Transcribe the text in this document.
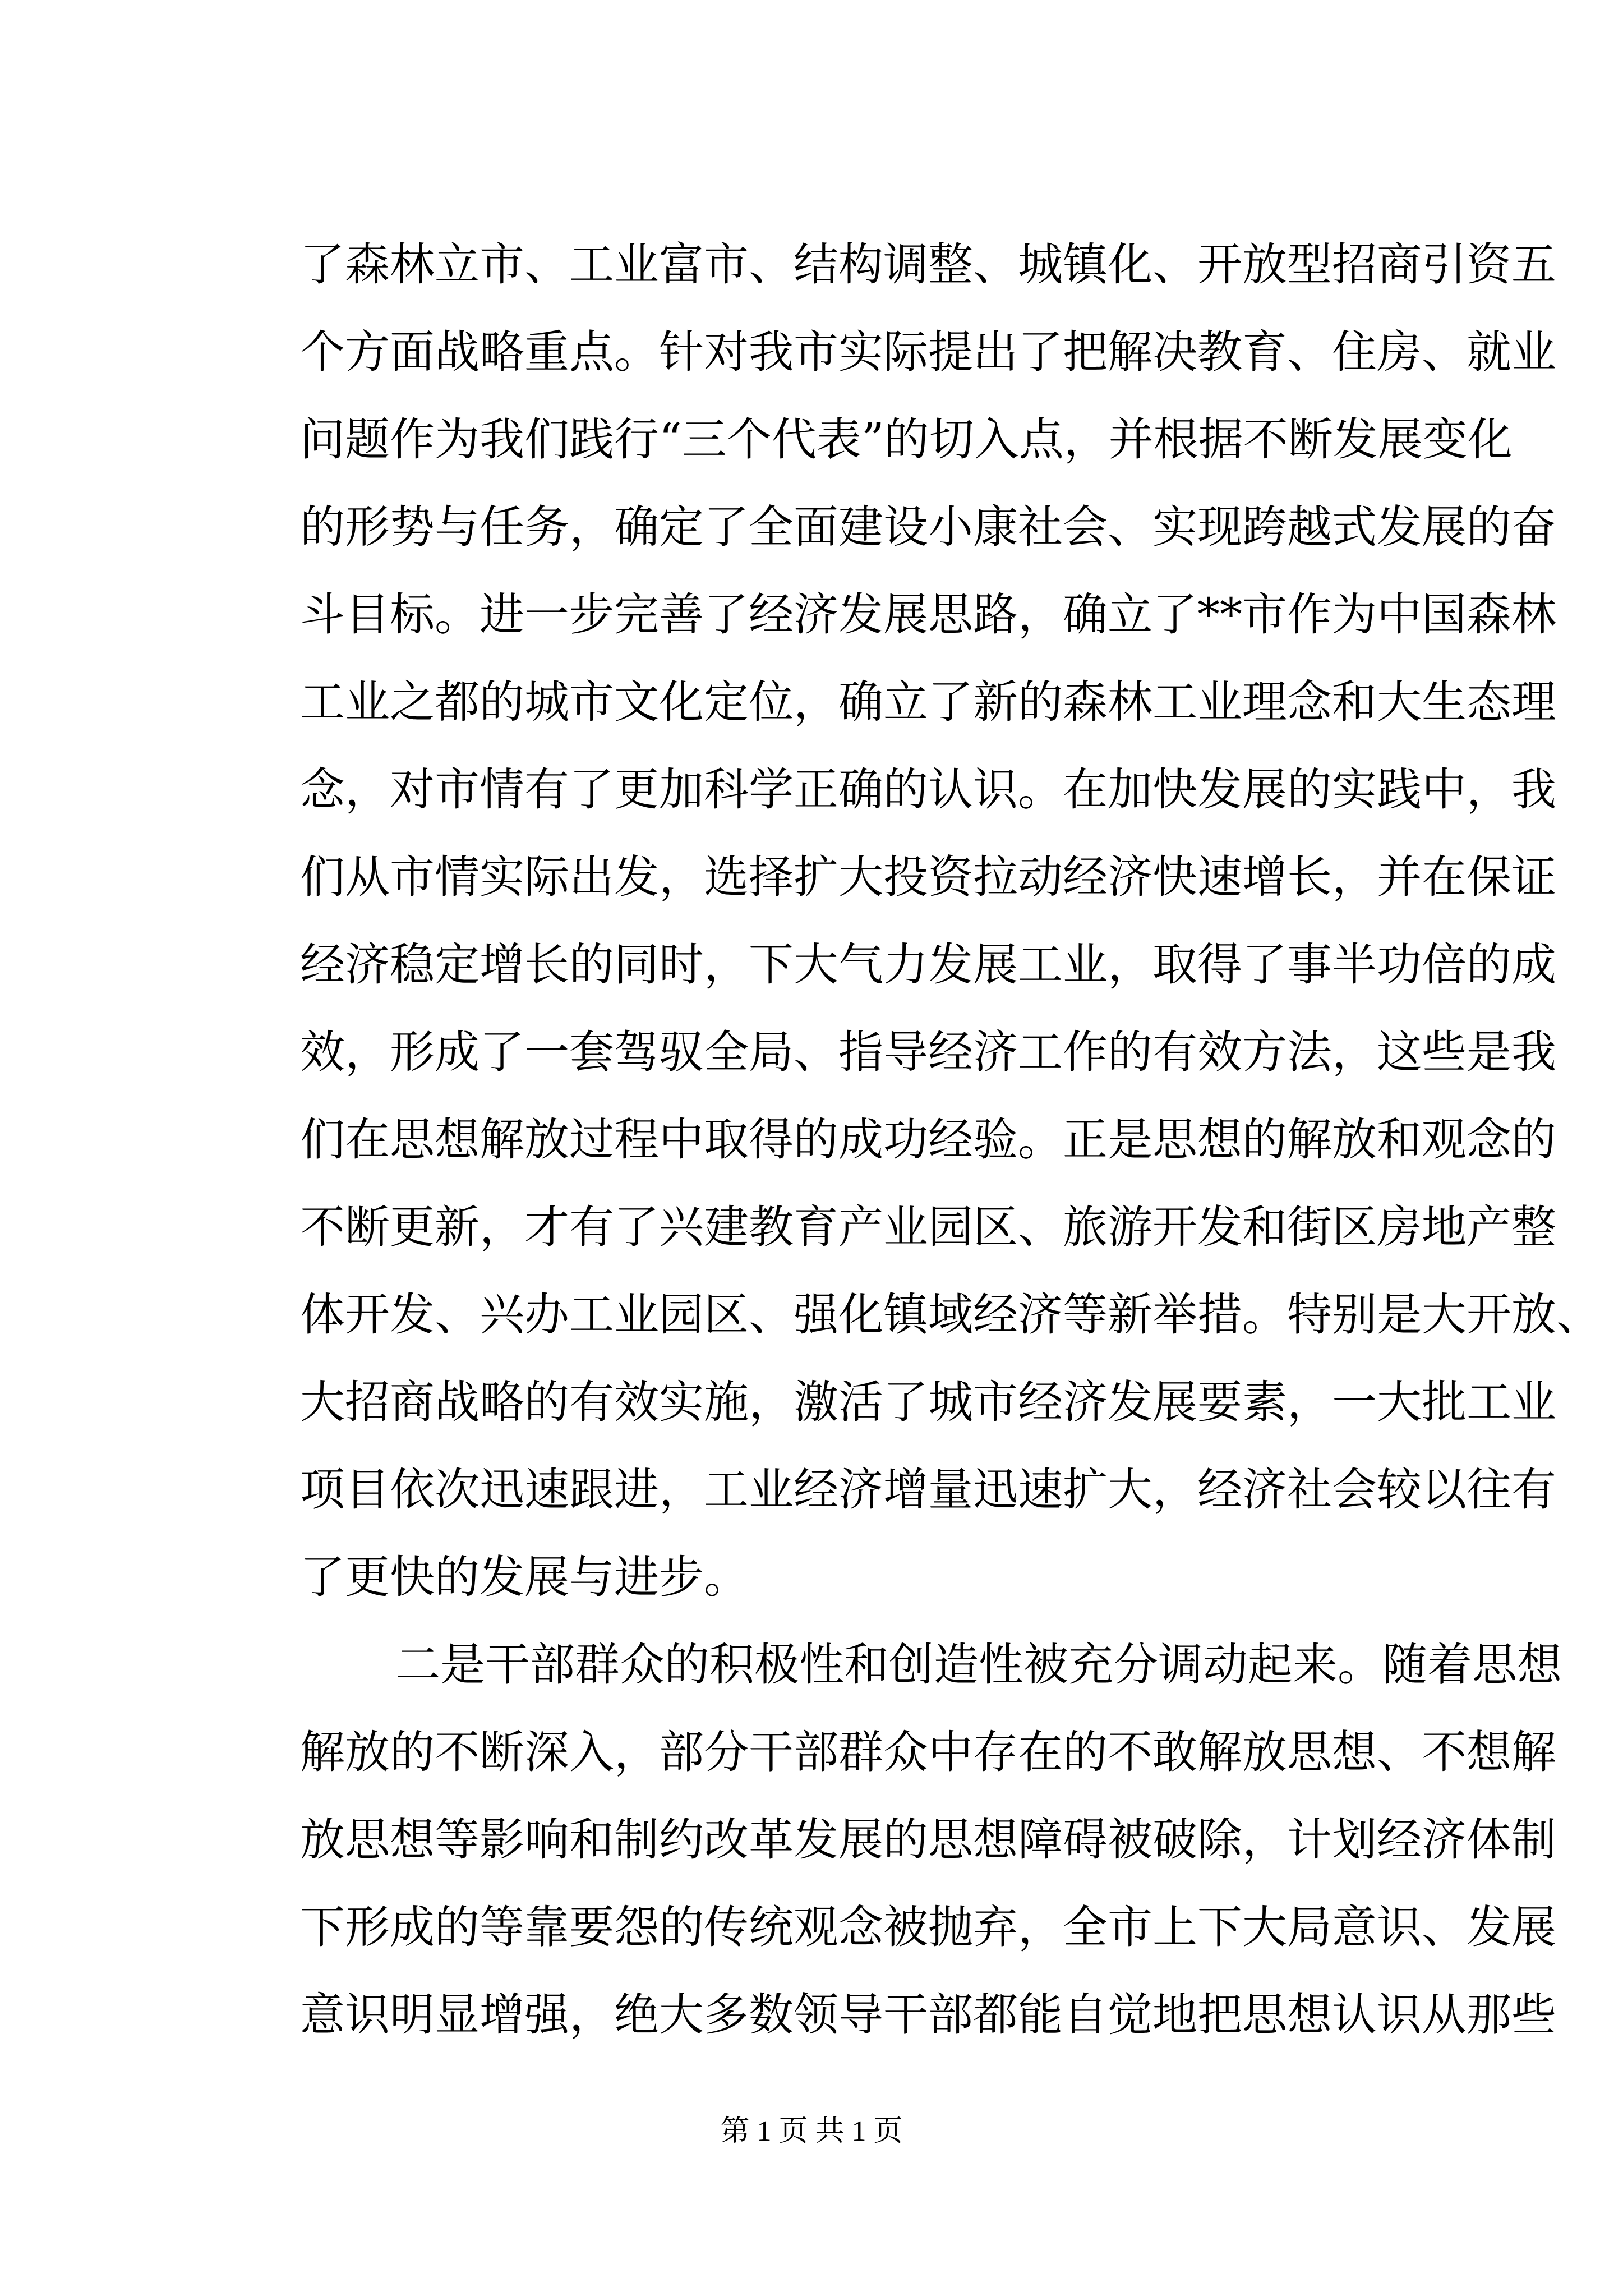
了森林立市、工业富市、结构调整、城镇化、开放型招商引资五
个方面战略重点。针对我市实际提出了把解决教育、住房、就业
问题作为我们践行“三个代表”的切入点，并根据不断发展变化
的形势与任务，确定了全面建设小康社会、实现跨越式发展的奋
斗目标。进一步完善了经济发展思路，确立了**市作为中国森林
工业之都的城市文化定位，确立了新的森林工业理念和大生态理
念，对市情有了更加科学正确的认识。在加快发展的实践中，我
们从市情实际出发，选择扩大投资拉动经济快速增长，并在保证
经济稳定增长的同时，下大气力发展工业，取得了事半功倍的成
效，形成了一套驾驭全局、指导经济工作的有效方法，这些是我
们在思想解放过程中取得的成功经验。正是思想的解放和观念的
不断更新，才有了兴建教育产业园区、旅游开发和街区房地产整
体开发、兴办工业园区、强化镇域经济等新举措。特别是大开放、
大招商战略的有效实施，激活了城市经济发展要素，一大批工业
项目依次迅速跟进，工业经济增量迅速扩大，经济社会较以往有
了更快的发展与进步。
二是干部群众的积极性和创造性被充分调动起来。随着思想
解放的不断深入，部分干部群众中存在的不敢解放思想、不想解
放思想等影响和制约改革发展的思想障碍被破除，计划经济体制
下形成的等靠要怨的传统观念被抛弃，全市上下大局意识、发展
意识明显增强，绝大多数领导干部都能自觉地把思想认识从那些
第 1 页 共 1 页
